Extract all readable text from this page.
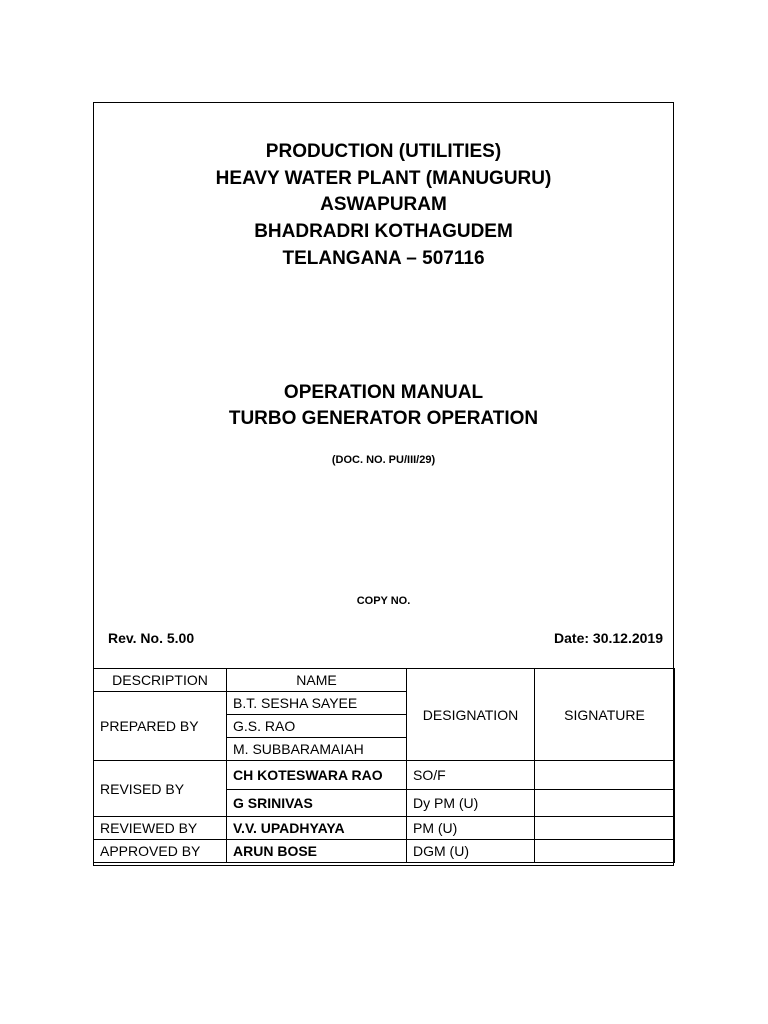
PRODUCTION (UTILITIES)
HEAVY WATER PLANT (MANUGURU)
ASWAPURAM
BHADRADRI KOTHAGUDEM
TELANGANA – 507116
OPERATION MANUAL
TURBO GENERATOR OPERATION
(DOC. NO. PU/III/29)
COPY NO.
Rev. No. 5.00	Date: 30.12.2019
DESCRIPTION	NAME	DESIGNATION	SIGNATURE
PREPARED BY	B.T. SESHA SAYEE		
	G.S. RAO		
	M. SUBBARAMAIAH		
REVISED BY	CH KOTESWARA RAO	SO/F	
	G SRINIVAS	Dy PM (U)	
REVIEWED BY	V.V. UPADHYAYA	PM (U)	
APPROVED BY	ARUN BOSE	DGM (U)	
